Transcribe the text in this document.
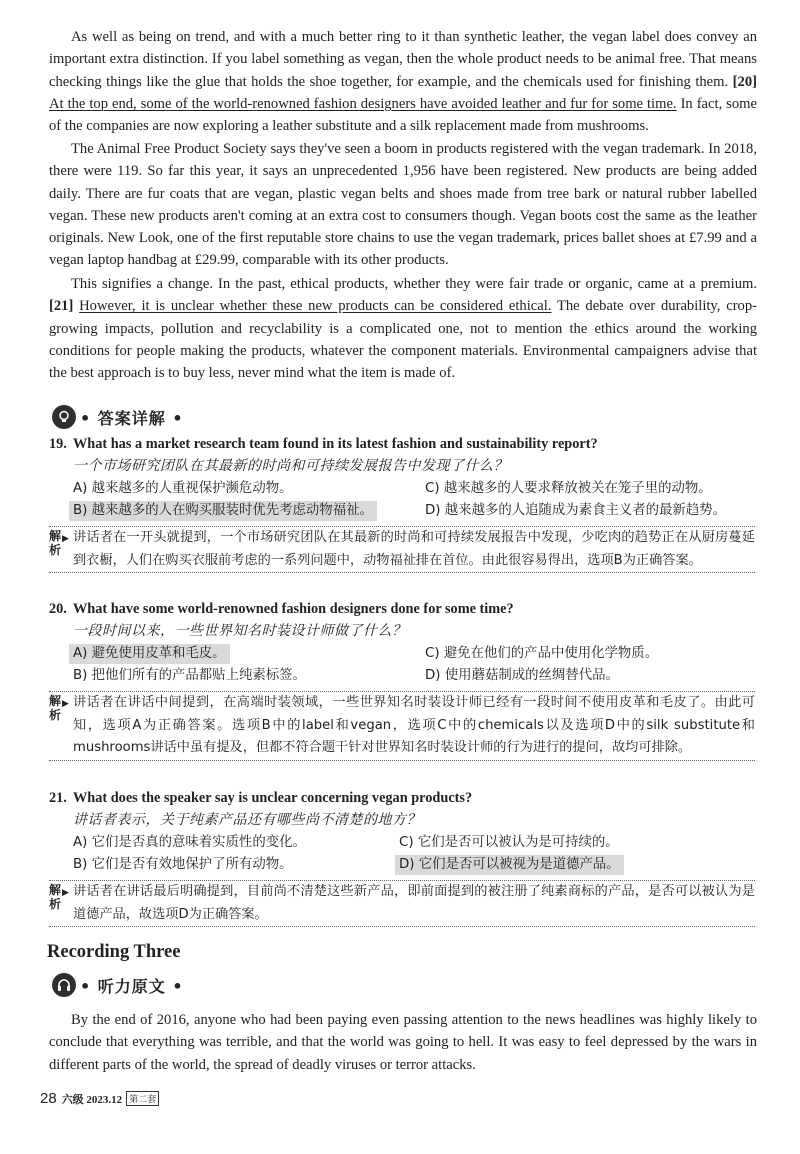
As well as being on trend, and with a much better ring to it than synthetic leather, the vegan label does convey an important extra distinction. If you label something as vegan, then the whole product needs to be animal free. That means checking things like the glue that holds the shoe together, for example, and the chemicals used for finishing them. [20] At the top end, some of the world-renowned fashion designers have avoided leather and fur for some time. In fact, some of the companies are now exploring a leather substitute and a silk replacement made from mushrooms.

The Animal Free Product Society says they've seen a boom in products registered with the vegan trademark. In 2018, there were 119. So far this year, it says an unprecedented 1,956 have been registered. New products are being added daily. There are fur coats that are vegan, plastic vegan belts and shoes made from tree bark or natural rubber labelled vegan. These new products aren't coming at an extra cost to consumers though. Vegan boots cost the same as the leather originals. New Look, one of the first reputable store chains to use the vegan trademark, prices ballet shoes at £7.99 and a vegan laptop handbag at £29.99, comparable with its other products.

This signifies a change. In the past, ethical products, whether they were fair trade or organic, came at a premium. [21] However, it is unclear whether these new products can be considered ethical. The debate over durability, crop-growing impacts, pollution and recyclability is a complicated one, not to mention the ethics around the working conditions for people making the products, whatever the component materials. Environmental campaigners advise that the best approach is to buy less, never mind what the item is made of.

• 答案详解 •
19. What has a market research team found in its latest fashion and sustainability report?
一个市场研究团队在其最新的时尚和可持续发展报告中发现了什么？
A) 越来越多的人重视保护濒危动物。	C) 越来越多的人要求释放被关在笼子里的动物。
B) 越来越多的人在购买服装时优先考虑动物福祉。	D) 越来越多的人追随成为素食主义者的最新趋势。
解析
▶ 讲话者在一开头就提到，一个市场研究团队在其最新的时尚和可持续发展报告中发现，少吃肉的趋势正在从厨房蔓延到衣橱，人们在购买衣服前考虑的一系列问题中，动物福祉排在首位。由此很容易得出，选项B为正确答案。
20. What have some world-renowned fashion designers done for some time?
一段时间以来，一些世界知名时装设计师做了什么？
A) 避免使用皮革和毛皮。	C) 避免在他们的产品中使用化学物质。
B) 把他们所有的产品都贴上纯素标签。	D) 使用蘑菇制成的丝绸替代品。
解析
▶ 讲话者在讲话中间提到，在高端时装领域，一些世界知名时装设计师已经有一段时间不使用皮革和毛皮了。由此可知，选项A为正确答案。选项B中的label和vegan，选项C中的chemicals以及选项D中的silk substitute和mushrooms讲话中虽有提及，但都不符合题干针对世界知名时装设计师的行为进行的提问，故均可排除。
21. What does the speaker say is unclear concerning vegan products?
讲话者表示，关于纯素产品还有哪些尚不清楚的地方？
A) 它们是否真的意味着实质性的变化。	C) 它们是否可以被认为是可持续的。
B) 它们是否有效地保护了所有动物。	D) 它们是否可以被视为是道德产品。
解析
▶ 讲话者在讲话最后明确提到，目前尚不清楚这些新产品，即前面提到的被注册了纯素商标的产品，是否可以被认为是道德产品，故选项D为正确答案。
Recording Three
• 听力原文 •

By the end of 2016, anyone who had been paying even passing attention to the news headlines was highly likely to conclude that everything was terrible, and that the world was going to hell. It was easy to feel depressed by the wars in different parts of the world, the spread of deadly viruses or terror attacks.

28 六级 2023.12 第二套
